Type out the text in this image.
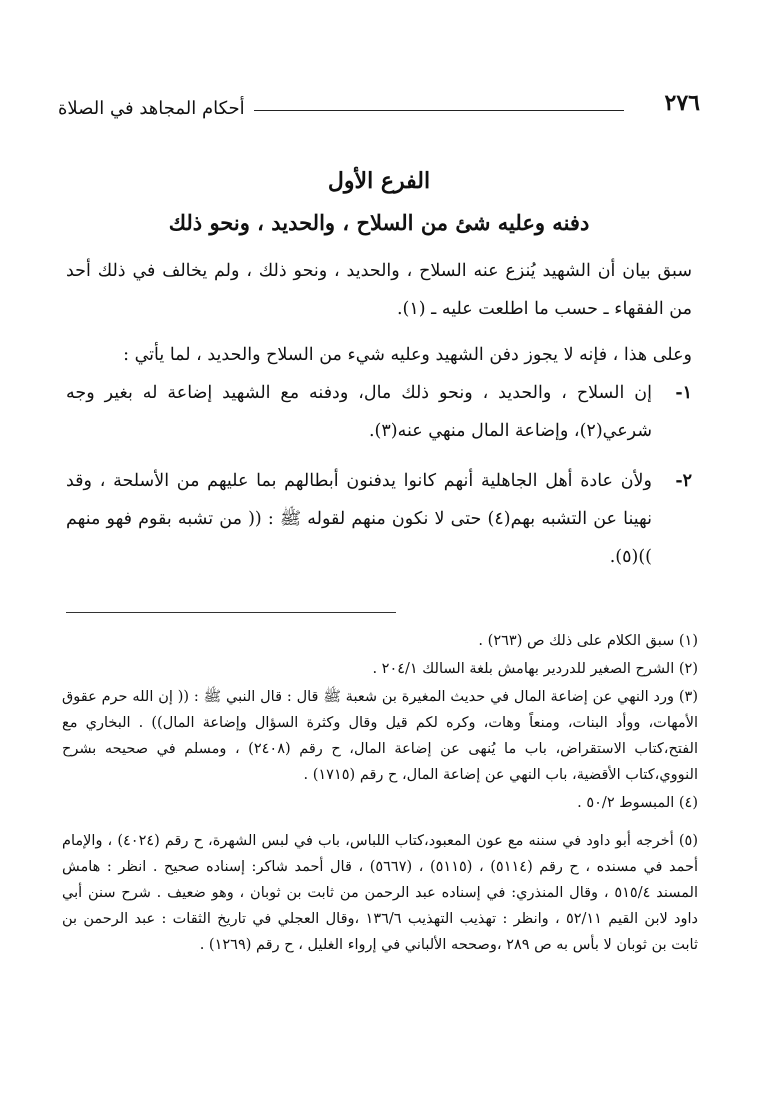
٢٧٦
أحكام المجاهد في الصلاة
الفرع الأول
دفنه وعليه شئ من السلاح ، والحديد ، ونحو ذلك
سبق بيان أن الشهيد يُنزع عنه السلاح ، والحديد ، ونحو ذلك ، ولم يخالف في ذلك أحد من الفقهاء ـ حسب ما اطلعت عليه ـ (١).
وعلى هذا ، فإنه لا يجوز دفن الشهيد وعليه شيء من السلاح والحديد ، لما يأتي :
١-
إن السلاح ، والحديد ، ونحو ذلك مال، ودفنه مع الشهيد إضاعة له بغير وجه شرعي(٢)، وإضاعة المال منهي عنه(٣).
٢-
ولأن عادة أهل الجاهلية أنهم كانوا يدفنون أبطالهم بما عليهم من الأسلحة ، وقد نهينا عن التشبه بهم(٤) حتى لا نكون منهم لقوله ﷺ : (( من تشبه بقوم فهو منهم ))(٥).
(١) سبق الكلام على ذلك ص (٢٦٣) .
(٢) الشرح الصغير للدردير بهامش بلغة السالك ٢٠٤/١ .
(٣) ورد النهي عن إضاعة المال في حديث المغيرة بن شعبة ﷺ قال : قال النبي ﷺ : (( إن الله حرم عقوق الأمهات، ووأد البنات، ومنعاً وهات، وكره لكم قيل وقال وكثرة السؤال وإضاعة المال)) . البخاري مع الفتح،كتاب الاستقراض، باب ما يُنهى عن إضاعة المال، ح رقم (٢٤٠٨) ، ومسلم في صحيحه بشرح النووي،كتاب الأقضية، باب النهي عن إضاعة المال، ح رقم (١٧١٥) .
(٤) المبسوط ٥٠/٢ .
(٥) أخرجه أبو داود في سننه مع عون المعبود،كتاب اللباس، باب في لبس الشهرة، ح رقم (٤٠٢٤) ، والإمام أحمد في مسنده ، ح رقم (٥١١٤) ، (٥١١٥) ، (٥٦٦٧) ، قال أحمد شاكر: إسناده صحيح . انظر : هامش المسند ٥١٥/٤ ، وقال المنذري: في إسناده عبد الرحمن من ثابت بن ثوبان ، وهو ضعيف . شرح سنن أبي داود لابن القيم ٥٢/١١ ، وانظر : تهذيب التهذيب ١٣٦/٦ ،وقال العجلي في تاريخ الثقات : عبد الرحمن بن ثابت بن ثوبان لا بأس به ص ٢٨٩ ،وصححه الألباني في إرواء الغليل ، ح رقم (١٢٦٩) .
